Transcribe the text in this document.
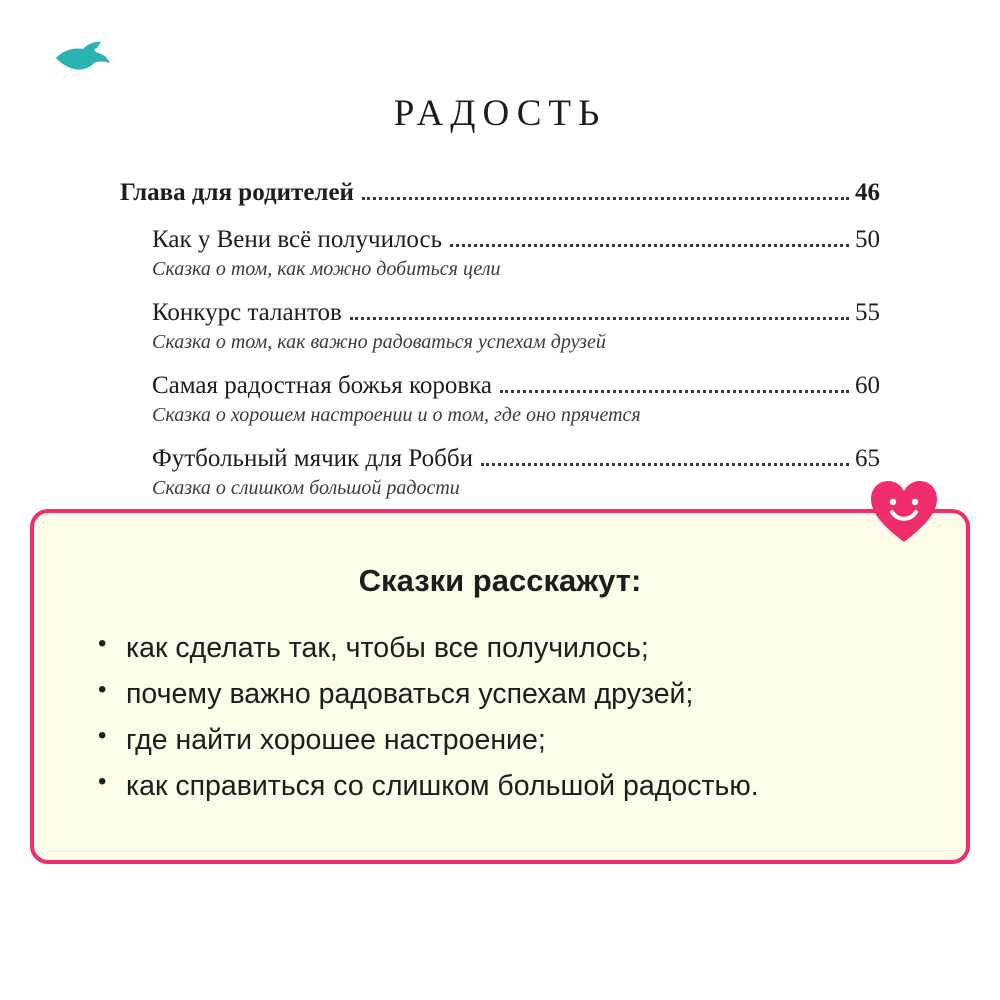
РАДОСТЬ
Глава для родителей	46
Как у Вени всё получилось	50
Сказка о том, как можно добиться цели
Конкурс талантов	55
Сказка о том, как важно радоваться успехам друзей
Самая радостная божья коровка	60
Сказка о хорошем настроении и о том, где оно прячется
Футбольный мячик для Робби	65
Сказка о слишком большой радости
Сказки расскажут:
• как сделать так, чтобы все получилось;
• почему важно радоваться успехам друзей;
• где найти хорошее настроение;
• как справиться со слишком большой радостью.
